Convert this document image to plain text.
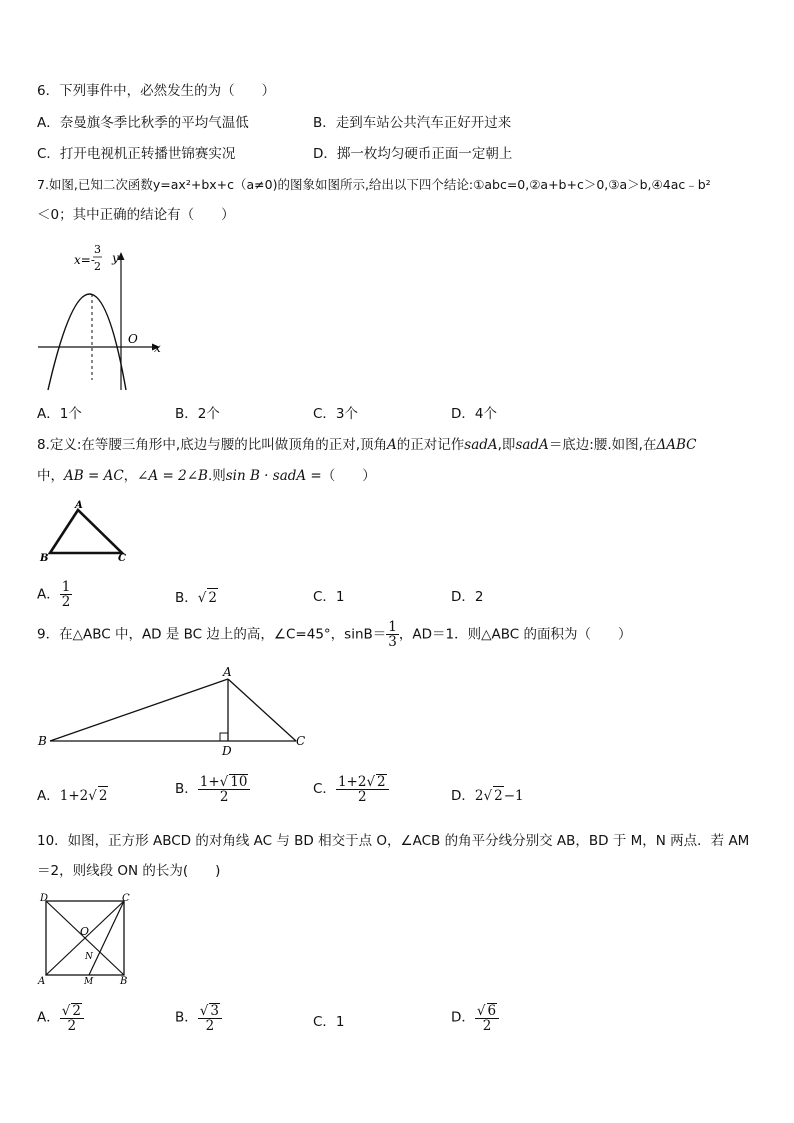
6．下列事件中，必然发生的为（　　）
A．奈曼旗冬季比秋季的平均气温低	B．走到车站公共汽车正好开过来
C．打开电视机正转播世锦赛实况	D．掷一枚均匀硬币正面一定朝上
7.如图,已知二次函数y=ax²+bx+c（a≠0)的图象如图所示,给出以下四个结论:①abc=0,②a+b+c＞0,③a＞b,④4ac﹣b²
＜0；其中正确的结论有（　　）
x=-
3
2
y
x
O
A．1个	B．2个	C．3个	D．4个
8.定义:在等腰三角形中,底边与腰的比叫做顶角的正对,顶角A的正对记作sadA,即sadA＝底边:腰.如图,在ΔABC
中，AB = AC，∠A = 2∠B.则sin B · sadA =（　　）
A
B	C
A． $\frac{1}{2}$	B．√ 2	C．1	D．2
9．在△ABC 中，AD 是 BC 边上的高，∠C=45°，$\sin B= \frac{1}{3}$ ，AD＝1．则△ABC 的面积为（　　）
A
B	C
D
A．1+2√ 2	B． $\frac{1+√ 10}{2}$	C． $\frac{1+2√ 2}{2}$	D．2√ 2−1
10．如图，正方形 ABCD 的对角线 AC 与 BD 相交于点 O，∠ACB 的角平分线分别交 AB，BD 于 M，N 两点．若 AM
＝2，则线段 ON 的长为(　　)
D	C
A	B
O
N
M
A． $\frac{√ 2}{2}$	B． $\frac{√ 3}{2}$	C．1	D． $\frac{√ 6}{2}$
